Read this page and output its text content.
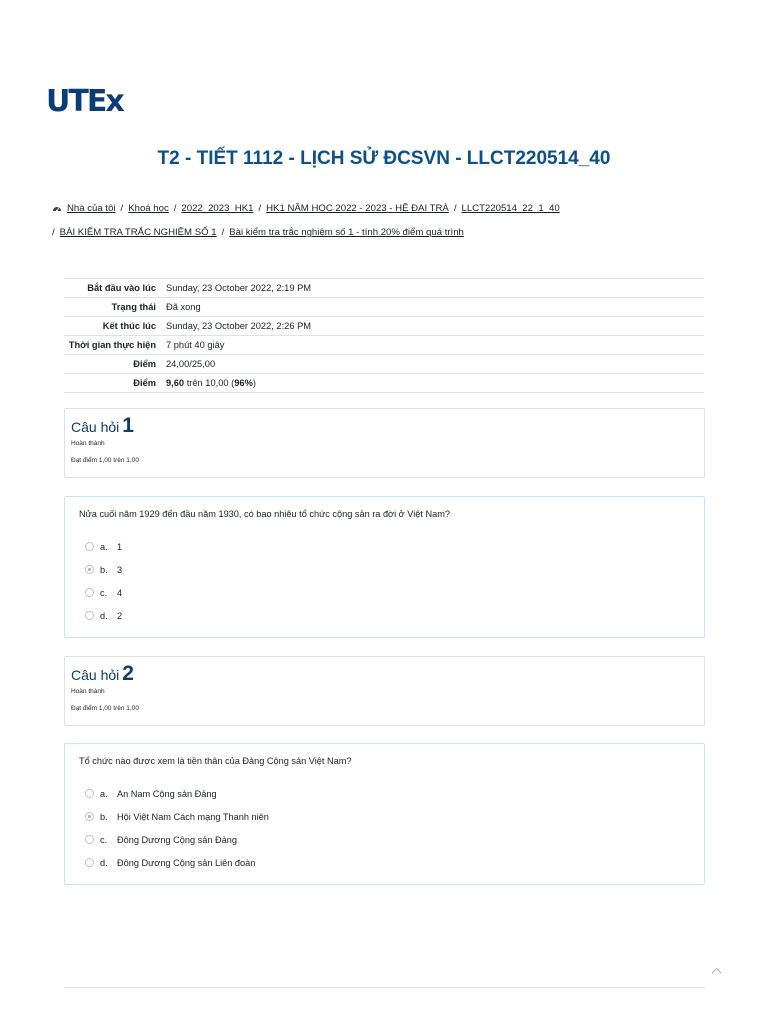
UTEx
T2 - TIẾT 1112 - LỊCH SỬ ĐCSVN - LLCT220514_40
Nhà của tôi / Khoá học / 2022_2023_HK1 / HK1 NĂM HỌC 2022 - 2023 - HỆ ĐẠI TRÀ / LLCT220514_22_1_40
/ BÀI KIỂM TRA TRẮC NGHIỆM SỐ 1 / Bài kiểm tra trắc nghiệm số 1 - tính 20% điểm quá trình
Bắt đầu vào lúc	Sunday, 23 October 2022, 2:19 PM
Trạng thái	Đã xong
Kết thúc lúc	Sunday, 23 October 2022, 2:26 PM
Thời gian thực hiện	7 phút 40 giây
Điểm	24,00/25,00
Điểm	9,60 trên 10,00 (96%)
Câu hỏi 1
Hoàn thành
Đạt điểm 1,00 trên 1,00
Nửa cuối năm 1929 đến đầu năm 1930, có bao nhiêu tổ chức cộng sản ra đời ở Việt Nam?
a.	1
b.	3
c.	4
d.	2
Câu hỏi 2
Hoàn thành
Đạt điểm 1,00 trên 1,00
Tổ chức nào được xem là tiền thân của Đảng Cộng sản Việt Nam?
a.	An Nam Cộng sản Đảng
b.	Hội Việt Nam Cách mạng Thanh niên
c.	Đông Dương Cộng sản Đảng
d.	Đông Dương Cộng sản Liên đoàn
